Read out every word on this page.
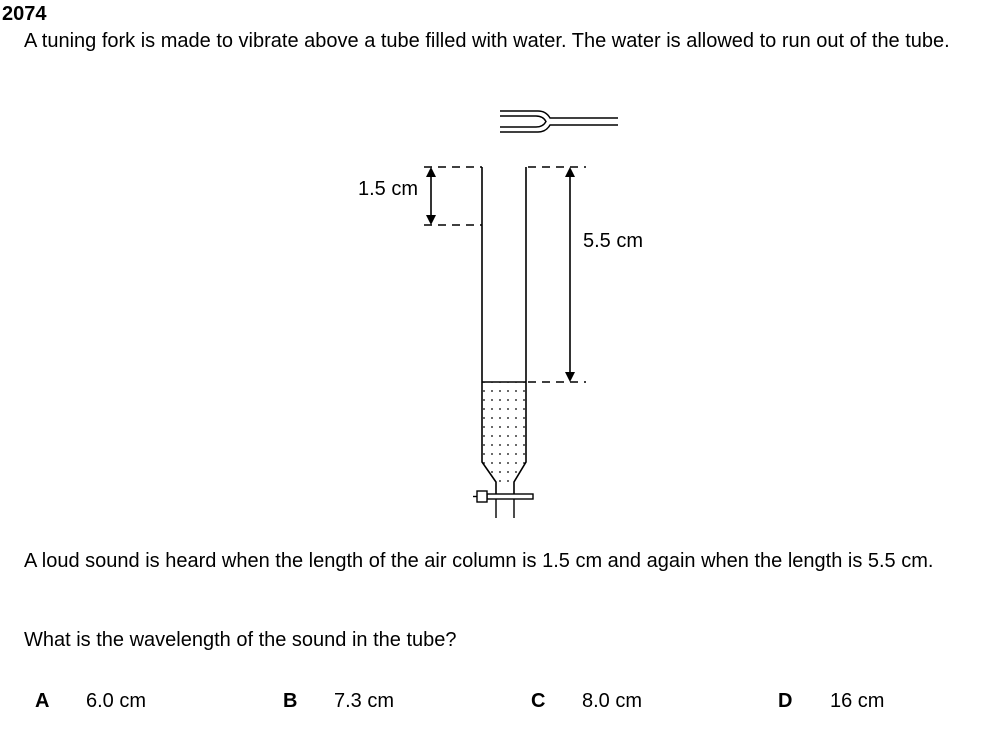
2074

A tuning fork is made to vibrate above a tube filled with water. The water is allowed to run out of the tube.

1.5 cm
5.5 cm

A loud sound is heard when the length of the air column is 1.5 cm and again when the length is 5.5 cm.

What is the wavelength of the sound in the tube?

A 6.0 cm	B 7.3 cm	C 8.0 cm	D 16 cm
